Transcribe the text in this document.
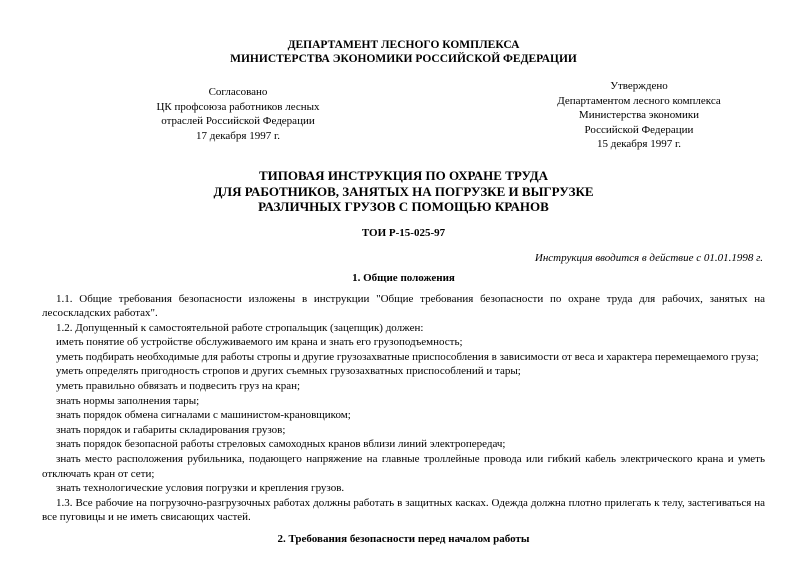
ДЕПАРТАМЕНТ ЛЕСНОГО КОМПЛЕКСА
МИНИСТЕРСТВА ЭКОНОМИКИ РОССИЙСКОЙ ФЕДЕРАЦИИ
Согласовано
ЦК профсоюза работников лесных
отраслей Российской Федерации
17 декабря 1997 г.
Утверждено
Департаментом лесного комплекса
Министерства экономики
Российской Федерации
15 декабря 1997 г.
ТИПОВАЯ ИНСТРУКЦИЯ ПО ОХРАНЕ ТРУДА
ДЛЯ РАБОТНИКОВ, ЗАНЯТЫХ НА ПОГРУЗКЕ И ВЫГРУЗКЕ
РАЗЛИЧНЫХ ГРУЗОВ С ПОМОЩЬЮ КРАНОВ
ТОИ Р-15-025-97
Инструкция вводится в действие с 01.01.1998 г.
1. Общие положения

1.1. Общие требования безопасности изложены в инструкции "Общие требования безопасности по охране труда для рабочих, занятых на лесоскладских работах".

1.2. Допущенный к самостоятельной работе стропальщик (зацепщик) должен:

иметь понятие об устройстве обслуживаемого им крана и знать его грузоподъемность;

уметь подбирать необходимые для работы стропы и другие грузозахватные приспособления в зависимости от веса и характера перемещаемого груза;

уметь определять пригодность стропов и других съемных грузозахватных приспособлений и тары;

уметь правильно обвязать и подвесить груз на кран;

знать нормы заполнения тары;

знать порядок обмена сигналами с машинистом-крановщиком;

знать порядок и габариты складирования грузов;

знать порядок безопасной работы стреловых самоходных кранов вблизи линий электропередач;

знать место расположения рубильника, подающего напряжение на главные троллейные провода или гибкий кабель электрического крана и уметь отключать кран от сети;

знать технологические условия погрузки и крепления грузов.

1.3. Все рабочие на погрузочно-разгрузочных работах должны работать в защитных касках. Одежда должна плотно прилегать к телу, застегиваться на все пуговицы и не иметь свисающих частей.

2. Требования безопасности перед началом работы
